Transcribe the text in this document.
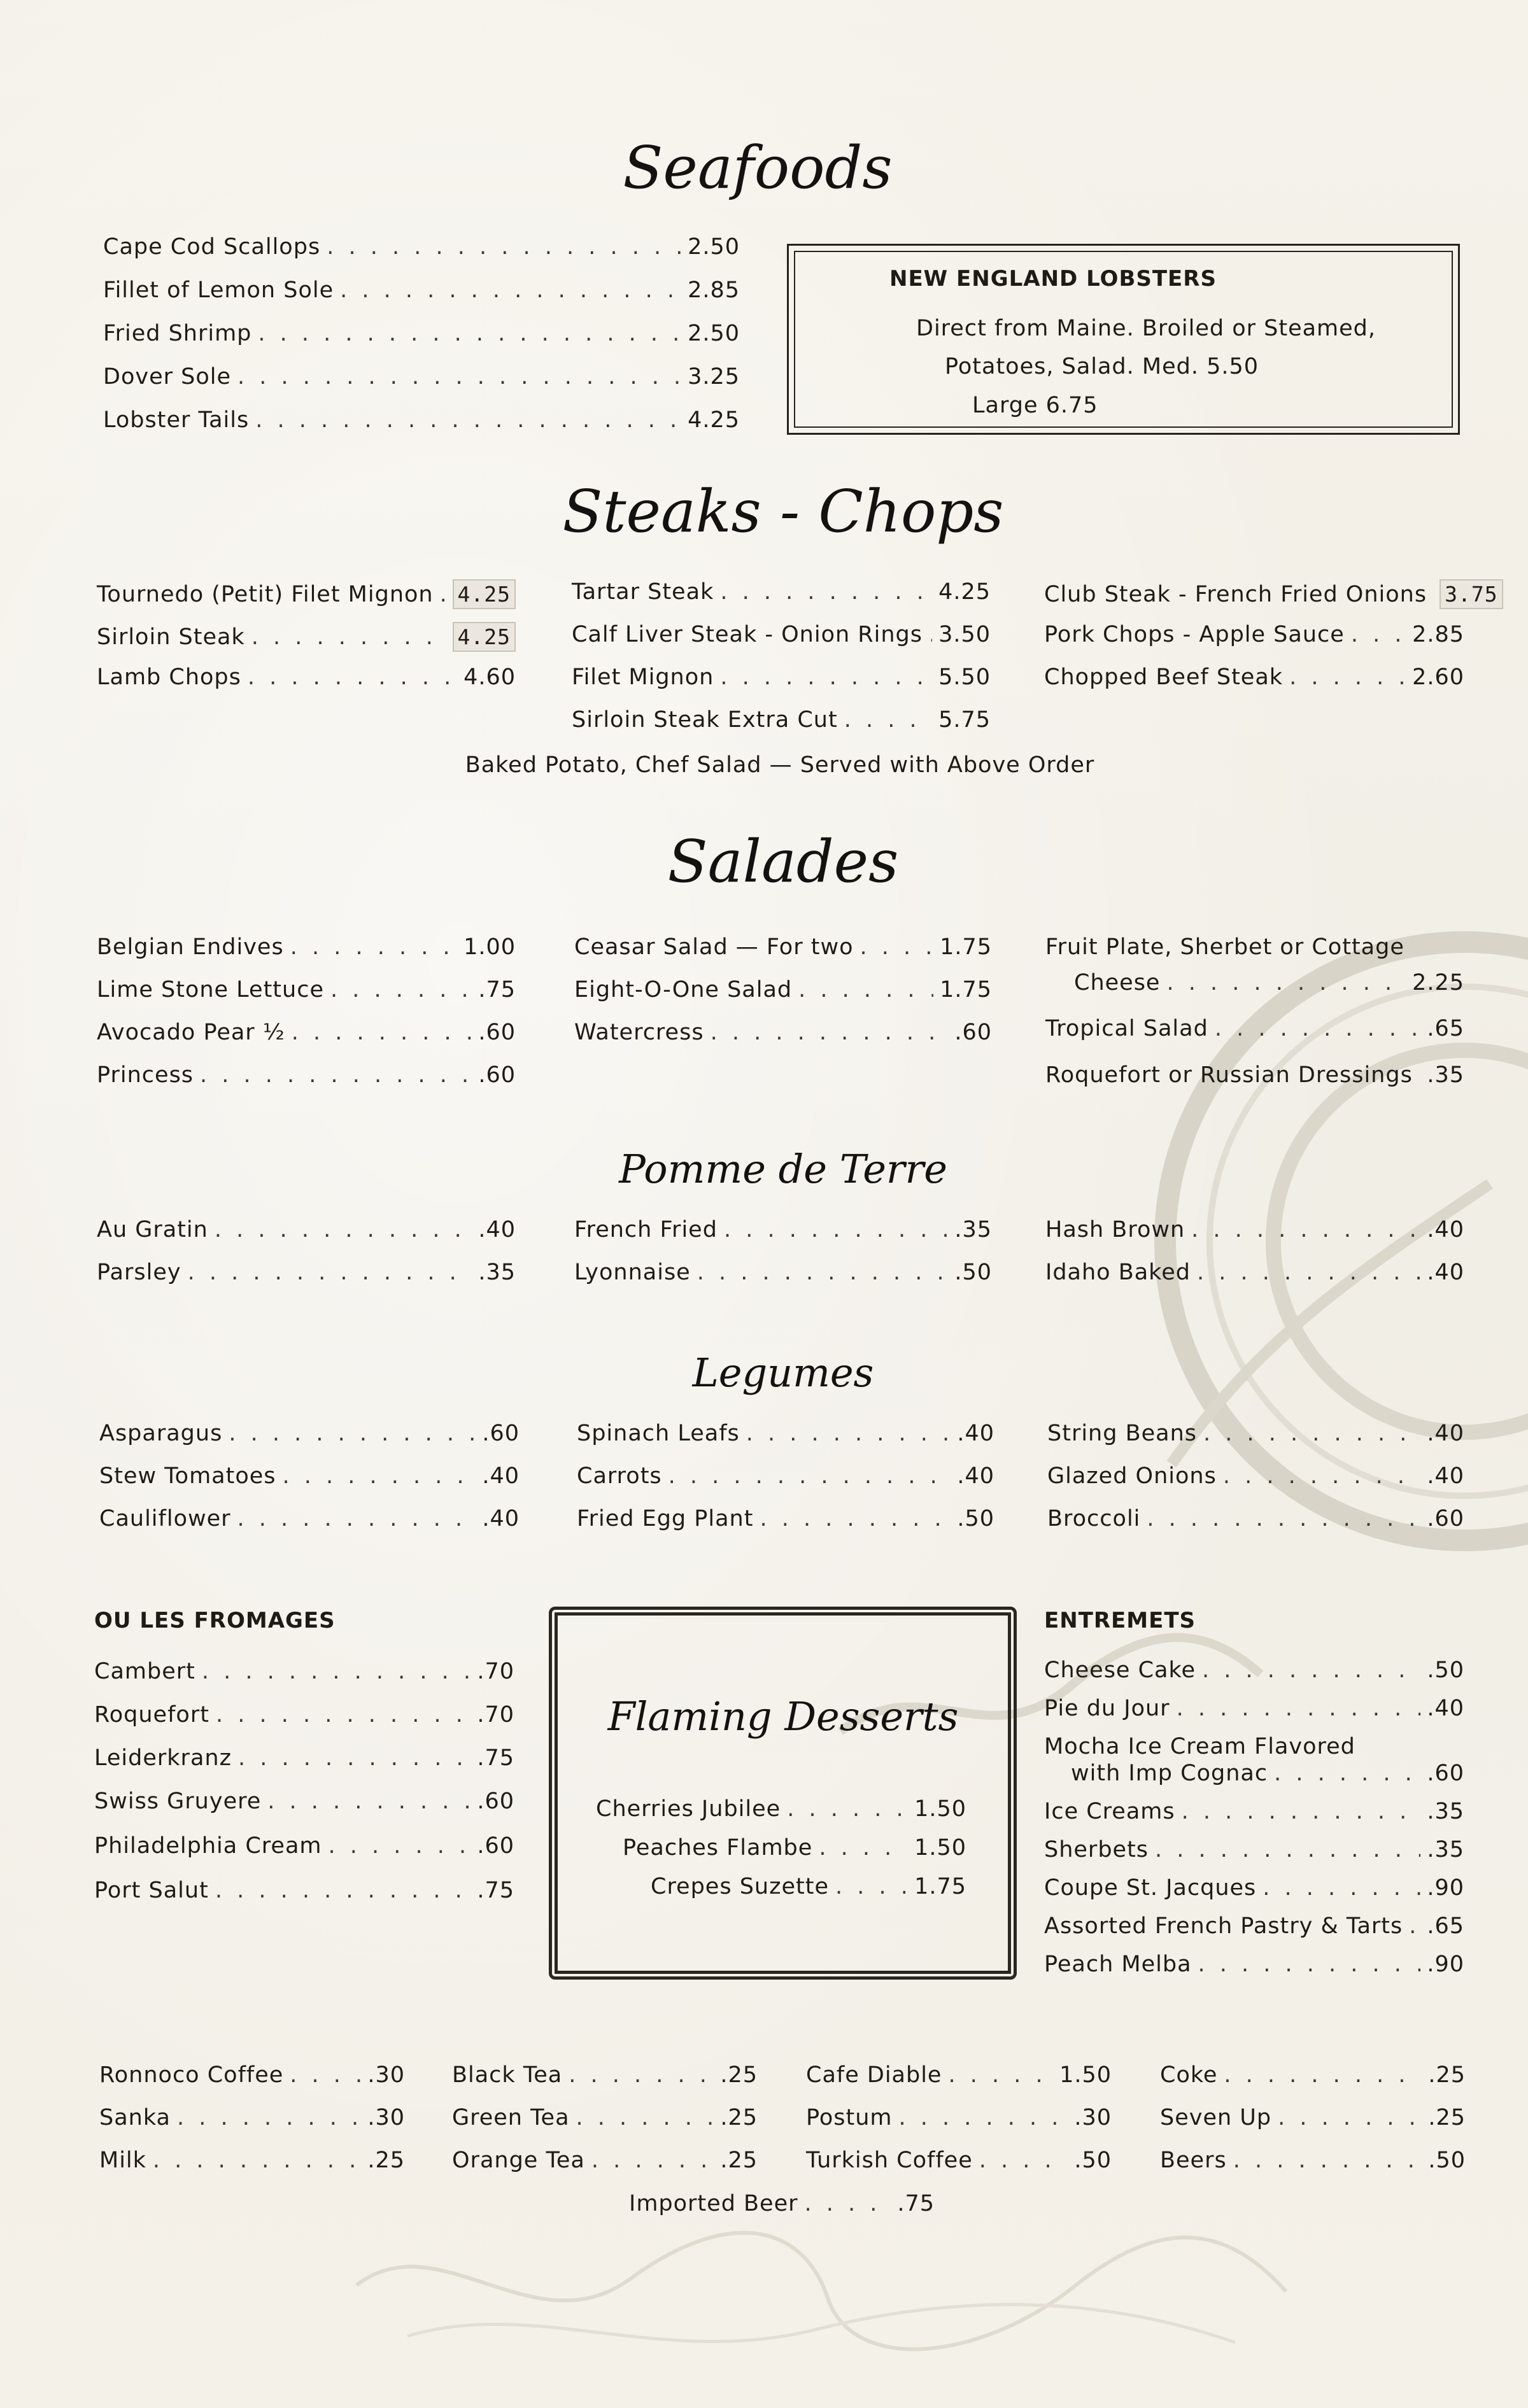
Seafoods
Cape Cod Scallops . . .	2.50
Fillet of Lemon Sole . . .	2.85
Fried Shrimp . . .	2.50
Dover Sole . . .	3.25
Lobster Tails . . .	4.25
NEW ENGLAND LOBSTERS
Direct from Maine. Broiled or Steamed,
Potatoes, Salad. Med. 5.50
Large 6.75
Steaks - Chops
Tournedo (Petit) Filet Mignon . . . 4.25
Sirloin Steak . . .	4.25
Lamb Chops . . .	4.60
Tartar Steak . . .	4.25
Calf Liver Steak - Onion Rings . . . 3.50
Filet Mignon . . .	5.50
Sirloin Steak Extra Cut . . .	5.75
Club Steak - French Fried Onions 3.75
Pork Chops - Apple Sauce . . .	2.85
Chopped Beef Steak . . .	2.60
Baked Potato, Chef Salad — Served with Above Order
Salades
Belgian Endives . . .	1.00
Lime Stone Lettuce . . .	.75
Avocado Pear ½ . . .	.60
Princess . . .	.60
Ceasar Salad — For two . . .	1.75
Eight-O-One Salad . . .	1.75
Watercress . . .	.60
Fruit Plate, Sherbet or Cottage
Cheese . . .	2.25
Tropical Salad . . .	.65
Roquefort or Russian Dressings . . . .35
Pomme de Terre
Au Gratin . . .	.40
Parsley . . .	.35
French Fried . . .	.35
Lyonnaise . . .	.50
Hash Brown . . .	.40
Idaho Baked . . .	.40
Legumes
Asparagus . . .	.60
Stew Tomatoes . . .	.40
Cauliflower . . .	.40
Spinach Leafs . . .	.40
Carrots . . .	.40
Fried Egg Plant . . .	.50
String Beans . . .	.40
Glazed Onions . . .	.40
Broccoli . . .	.60
OU LES FROMAGES
Cambert . . .	.70
Roquefort . . .	.70
Leiderkranz . . .	.75
Swiss Gruyere . . .	.60
Philadelphia Cream . . .	.60
Port Salut . . .	.75
Flaming Desserts
Cherries Jubilee . . .	1.50
Peaches Flambe . . .	1.50
Crepes Suzette . . .	1.75
ENTREMETS
Cheese Cake . . .	.50
Pie du Jour . . .	.40
Mocha Ice Cream Flavored
with Imp Cognac . . .	.60
Ice Creams . . .	.35
Sherbets . . .	.35
Coupe St. Jacques . . .	.90
Assorted French Pastry & Tarts . . . .65
Peach Melba . . .	.90
Ronnoco Coffee . . .	.30
Sanka . . .	.30
Milk . . .	.25
Black Tea . . .	.25
Green Tea . . .	.25
Orange Tea . . .	.25
Cafe Diable . . .	1.50
Postum . . .	.30
Turkish Coffee . . .	.50
Coke . . .	.25
Seven Up . . .	.25
Beers . . .	.50
Imported Beer . . .	.75
